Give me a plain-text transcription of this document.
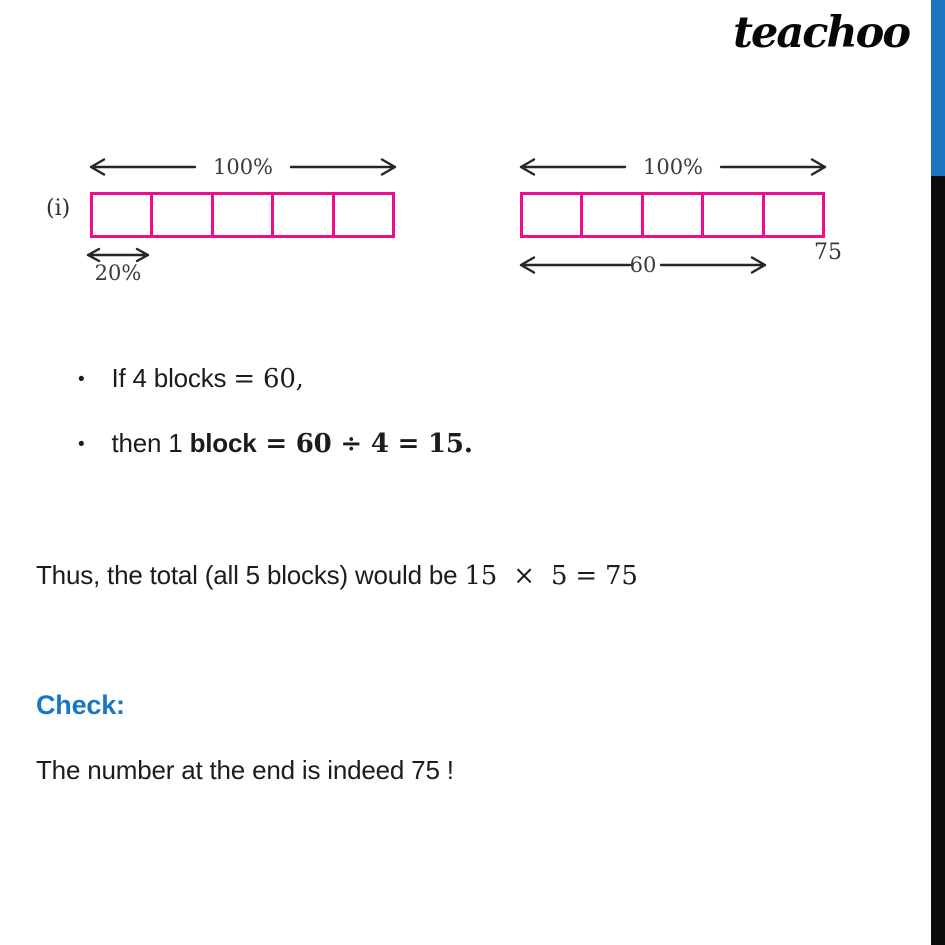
teachoo
(i)
100%
20%
100%
60	75
• If 4 blocks = 60,
• then 1 block = 60 ÷ 4 = 15.
Thus, the total (all 5 blocks) would be 15  ×  5 = 75
Check:
The number at the end is indeed 75 !
